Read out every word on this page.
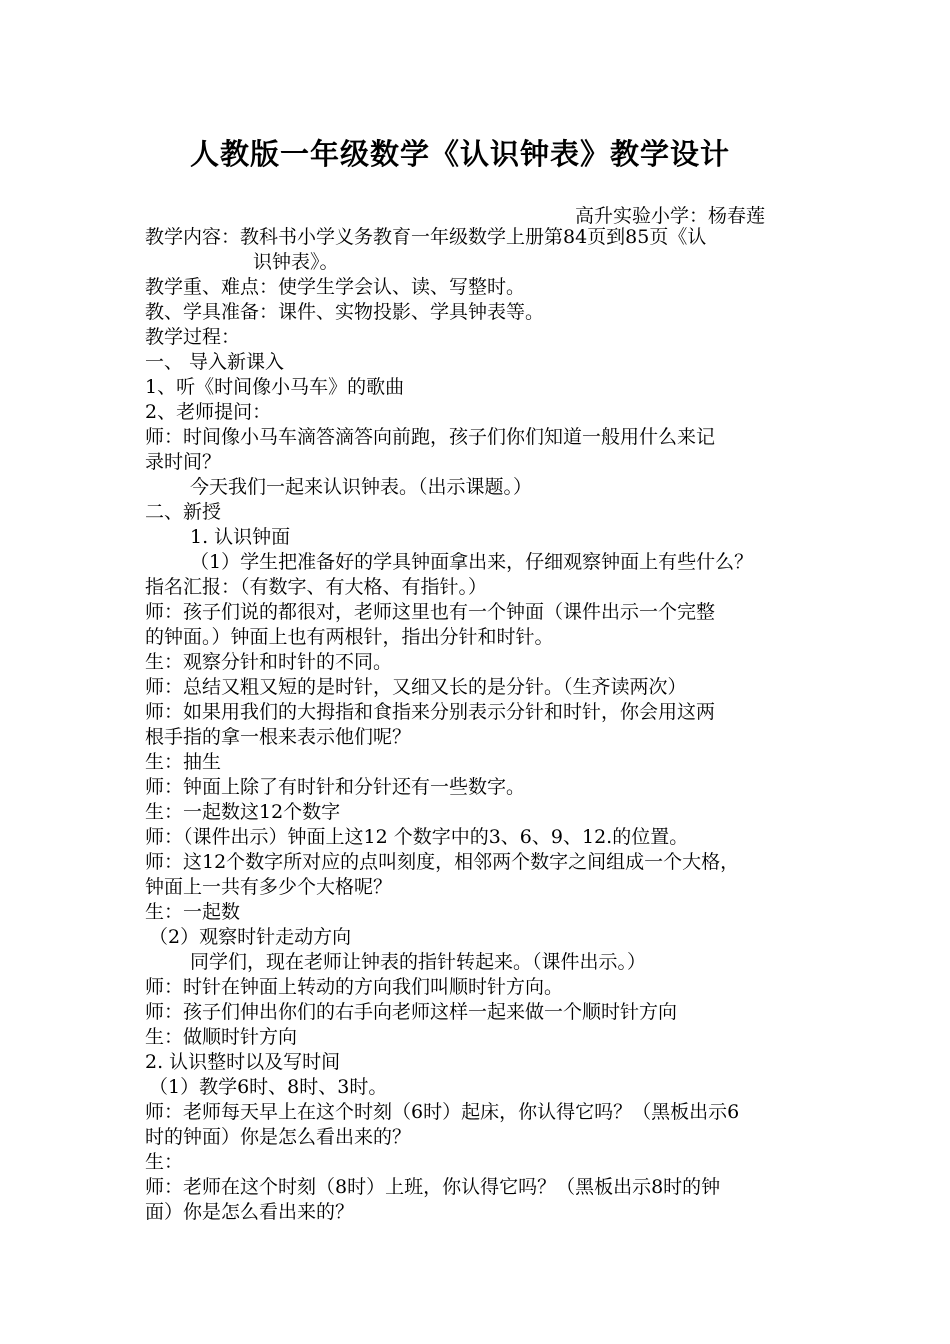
人教版一年级数学《认识钟表》教学设计
高升实验小学：杨春莲
教学内容：教科书小学义务教育一年级数学上册第84页到85页《认
识钟表》。
教学重、难点：使学生学会认、读、写整时。
教、学具准备：课件、实物投影、学具钟表等。
教学过程：
一、 导入新课入
1、听《时间像小马车》的歌曲
2、老师提问：
师：时间像小马车滴答滴答向前跑，孩子们你们知道一般用什么来记
录时间？
今天我们一起来认识钟表。（出示课题。）
二、新授
1. 认识钟面
（1）学生把准备好的学具钟面拿出来，仔细观察钟面上有些什么？
指名汇报：（有数字、有大格、有指针。）
师：孩子们说的都很对，老师这里也有一个钟面（课件出示一个完整
的钟面。）钟面上也有两根针，指出分针和时针。
生：观察分针和时针的不同。
师：总结又粗又短的是时针，又细又长的是分针。（生齐读两次）
师：如果用我们的大拇指和食指来分别表示分针和时针，你会用这两
根手指的拿一根来表示他们呢？
生：抽生
师：钟面上除了有时针和分针还有一些数字。
生：一起数这12个数字
师：（课件出示）钟面上这12 个数字中的3、6、9、12.的位置。
师：这12个数字所对应的点叫刻度，相邻两个数字之间组成一个大格，
钟面上一共有多少个大格呢？
生：一起数
（2）观察时针走动方向
同学们，现在老师让钟表的指针转起来。（课件出示。）
师：时针在钟面上转动的方向我们叫顺时针方向。
师：孩子们伸出你们的右手向老师这样一起来做一个顺时针方向
生：做顺时针方向
2. 认识整时以及写时间
（1）教学6时、8时、3时。
师：老师每天早上在这个时刻（6时）起床，你认得它吗？（黑板出示6
时的钟面）你是怎么看出来的？
生：
师：老师在这个时刻（8时）上班，你认得它吗？（黑板出示8时的钟
面）你是怎么看出来的？
